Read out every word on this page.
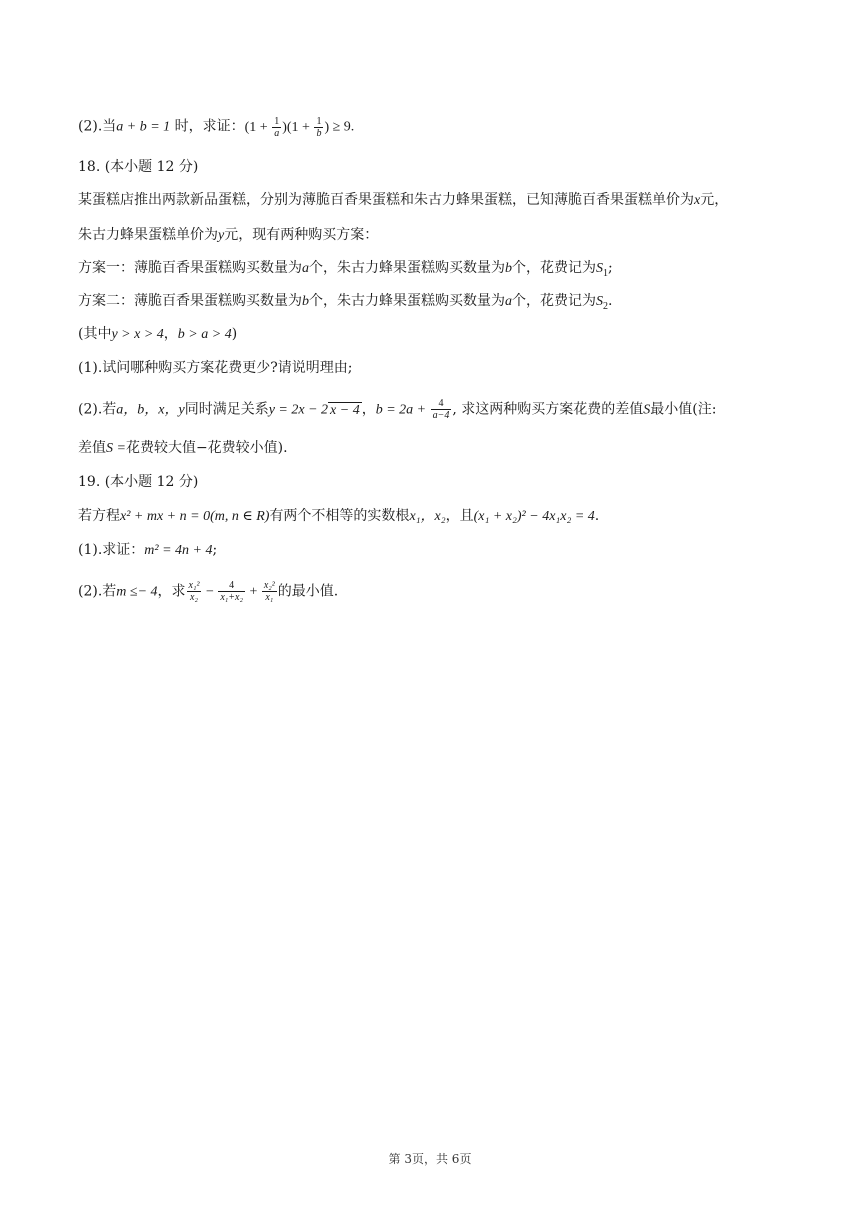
(2).当a + b = 1 时，求证：$(1 + \frac{1}{a} )(1 + \frac{1}{b}$ ) ≥ 9.
18. (本小题 12 分)
某蛋糕店推出两款新品蛋糕，分别为薄脆百香果蛋糕和朱古力蜂果蛋糕，已知薄脆百香果蛋糕单价为x元，
朱古力蜂果蛋糕单价为y元，现有两种购买方案：
方案一：薄脆百香果蛋糕购买数量为a个，朱古力蜂果蛋糕购买数量为b个，花费记为$S_1$;
方案二：薄脆百香果蛋糕购买数量为b个，朱古力蜂果蛋糕购买数量为a个，花费记为$S_2$.
(其中y > x > 4，b > a > 4)
(1).试问哪种购买方案花费更少?请说明理由;
(2).若a，b，x，y同时满足关系y = 2x − 2 x − 4 ，$b = 2a + \frac{4}{a-4}$ , 求这两种购买方案花费的差值S最小值(注:
差值S =花费较大值−花费较小值).
19. (本小题 12 分)
若方程x² + mx + n = 0(m, n ∈ R)有两个不相等的实数根x₁，x₂，且(x₁ + x₂)² − 4x₁x₂ = 4.
(1).求证：m² = 4n + 4;
(2).若m ≤− 4，求 $\frac{\text{x₁²}}{\text{x₂}} - \frac{4}{\text{x₁+x₂}} + \frac{\text{x₂²}}{\text{x₁}}$ 的最小值.
第 3页，共 6页
